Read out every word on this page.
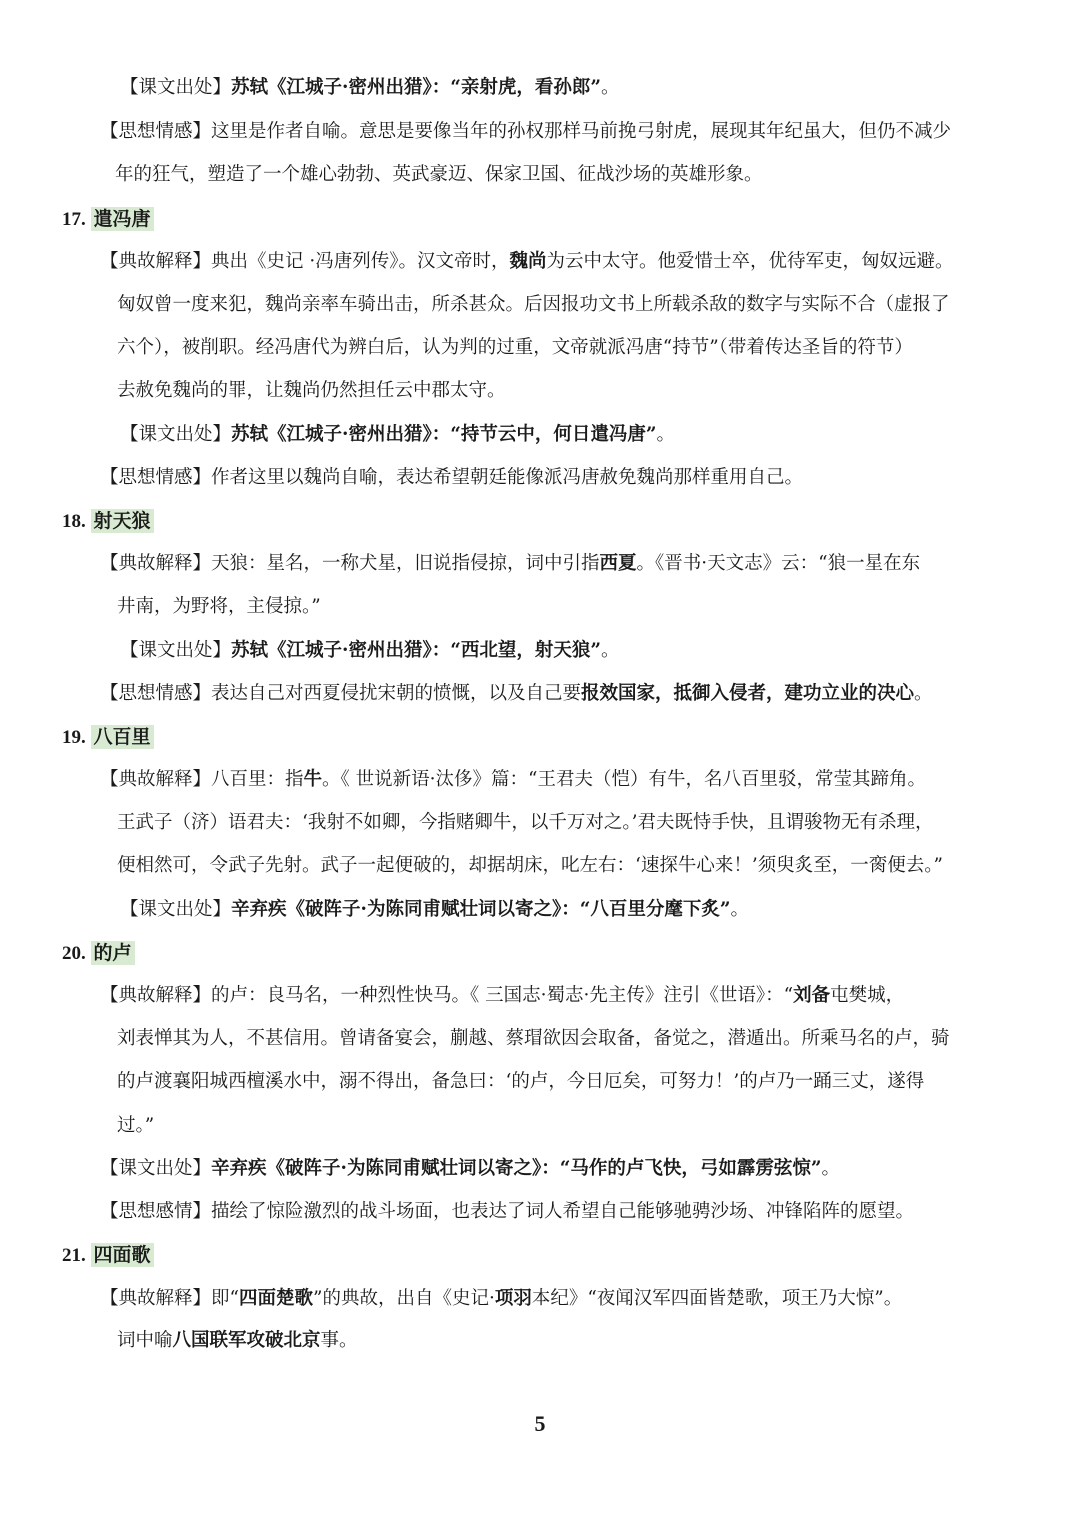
【课文出处】苏轼《江城子·密州出猎》：“亲射虎，看孙郎”。
【思想情感】这里是作者自喻。意思是要像当年的孙权那样马前挽弓射虎，展现其年纪虽大，但仍不减少
年的狂气，塑造了一个雄心勃勃、英武豪迈、保家卫国、征战沙场的英雄形象。
17. 遣冯唐
【典故解释】典出《史记 ·冯唐列传》。汉文帝时，魏尚为云中太守。他爱惜士卒，优待军吏，匈奴远避。
匈奴曾一度来犯，魏尚亲率车骑出击，所杀甚众。后因报功文书上所载杀敌的数字与实际不合（虚报了
六个），被削职。经冯唐代为辨白后，认为判的过重，文帝就派冯唐“持节”（带着传达圣旨的符节）
去赦免魏尚的罪，让魏尚仍然担任云中郡太守。
【课文出处】苏轼《江城子·密州出猎》：“持节云中，何日遣冯唐”。
【思想情感】作者这里以魏尚自喻，表达希望朝廷能像派冯唐赦免魏尚那样重用自己。
18. 射天狼
【典故解释】天狼：星名，一称犬星，旧说指侵掠，词中引指西夏。《晋书·天文志》云：“狼一星在东
井南，为野将，主侵掠。”
【课文出处】苏轼《江城子·密州出猎》：“西北望，射天狼”。
【思想情感】表达自己对西夏侵扰宋朝的愤慨，以及自己要报效国家，抵御入侵者，建功立业的决心。
19. 八百里
【典故解释】八百里：指牛。《 世说新语·汰侈》篇：“王君夫（恺）有牛，名八百里驳，常莹其蹄角。
王武子（济）语君夫：‘我射不如卿，今指赌卿牛，以千万对之。’君夫既恃手快，且谓骏物无有杀理，
便相然可，令武子先射。武子一起便破的，却据胡床，叱左右：‘速探牛心来！’须臾炙至，一脔便去。”
【课文出处】辛弃疾《破阵子·为陈同甫赋壮词以寄之》：“八百里分麾下炙”。
20. 的卢
【典故解释】的卢：良马名，一种烈性快马。《 三国志·蜀志·先主传》注引《世语》：“刘备屯樊城，
刘表惮其为人，不甚信用。曾请备宴会，蒯越、蔡瑁欲因会取备，备觉之，潜遁出。所乘马名的卢，骑
的卢渡襄阳城西檀溪水中，溺不得出，备急曰：‘的卢，今日厄矣，可努力！’的卢乃一踊三丈，遂得
过。”
【课文出处】辛弃疾《破阵子·为陈同甫赋壮词以寄之》：“马作的卢飞快，弓如霹雳弦惊”。
【思想感情】描绘了惊险激烈的战斗场面，也表达了词人希望自己能够驰骋沙场、冲锋陷阵的愿望。
21. 四面歌
【典故解释】即“四面楚歌”的典故，出自《史记·项羽本纪》“夜闻汉军四面皆楚歌，项王乃大惊”。
词中喻八国联军攻破北京事。
5
